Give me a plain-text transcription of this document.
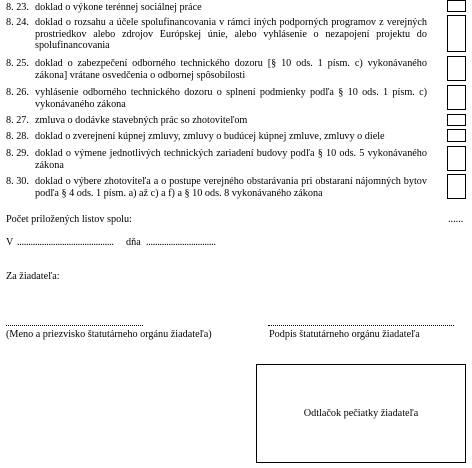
8. 23. doklad o výkone terénnej sociálnej práce
8. 24. doklad o rozsahu a účele spolufinancovania v rámci iných podporných programov z verejných prostriedkov alebo zdrojov Európskej únie, alebo vyhlásenie o nezapojení projektu do spolufinancovania
8. 25. doklad o zabezpečení odborného technického dozoru [§ 10 ods. 1 písm. c) vykonávaného zákona] vrátane osvedčenia o odbornej spôsobilosti
8. 26. vyhlásenie odborného technického dozoru o splnení podmienky podľa § 10 ods. 1 písm. c) vykonávaného zákona
8. 27. zmluva o dodávke stavebných prác so zhotoviteľom
8. 28. doklad o zverejnení kúpnej zmluvy, zmluvy o budúcej kúpnej zmluve, zmluvy o diele
8. 29. doklad o výmene jednotlivých technických zariadení budovy podľa § 10 ods. 5 vykonávaného zákona
8. 30. doklad o výbere zhotoviteľa a o postupe verejného obstarávania pri obstaraní nájomných bytov podľa § 4 ods. 1 písm. a) až c) a f) a § 10 ods. 8 vykonávaného zákona
Počet priložených listov spolu:	......
V ........................................... dňa ...............................
Za žiadateľa:
(Meno a priezvisko štatutárneho orgánu žiadateľa)	Podpis štatutárneho orgánu žiadateľa
Odtlačok pečiatky žiadateľa
